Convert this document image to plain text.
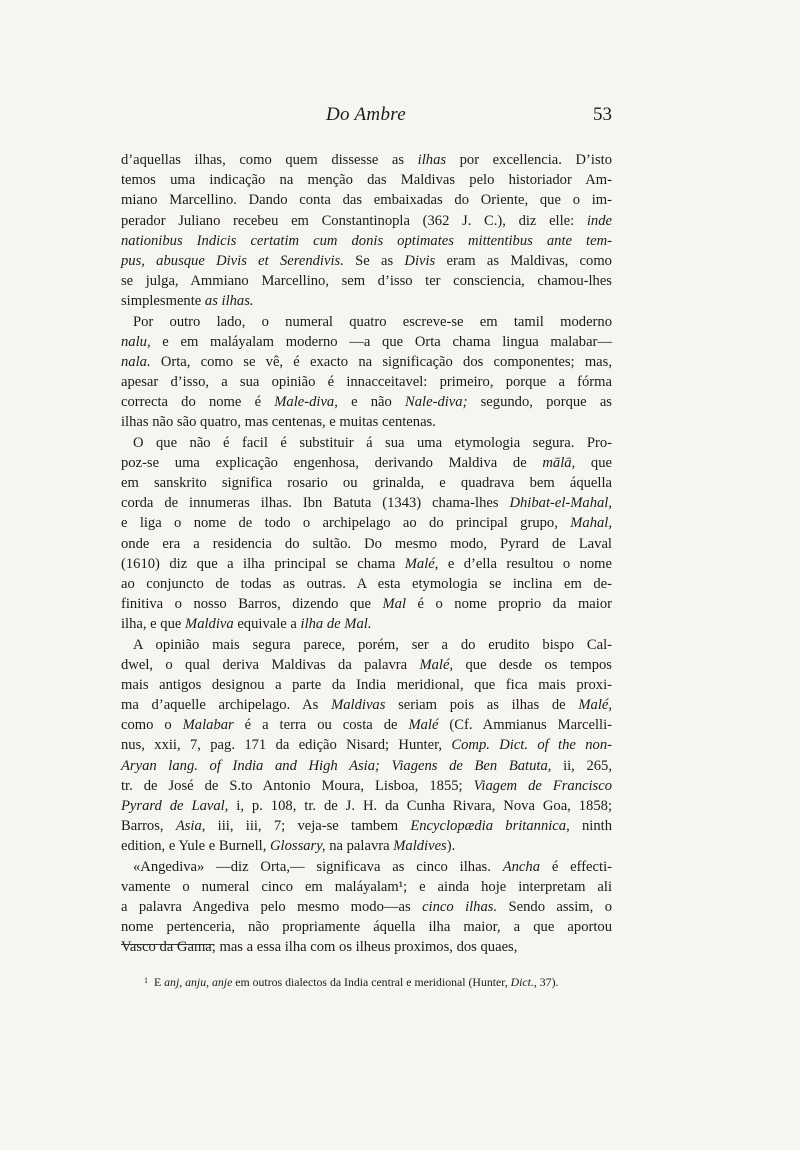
Do Ambre	53
d’aquellas ilhas, como quem dissesse as ilhas por excellencia. D’isto
temos uma indicação na menção das Maldivas pelo historiador Am-
miano Marcellino. Dando conta das embaixadas do Oriente, que o im-
perador Juliano recebeu em Constantinopla (362 J. C.), diz elle: inde
nationibus Indicis certatim cum donis optimates mittentibus ante tem-
pus, abusque Divis et Serendivis. Se as Divis eram as Maldivas, como
se julga, Ammiano Marcellino, sem d’isso ter consciencia, chamou-lhes
simplesmente as ilhas.
Por outro lado, o numeral quatro escreve-se em tamil moderno
nalu, e em maláyalam moderno —a que Orta chama lingua malabar—
nala. Orta, como se vê, é exacto na significação dos componentes; mas,
apesar d’isso, a sua opinião é innacceitavel: primeiro, porque a fórma
correcta do nome é Male-diva, e não Nale-diva; segundo, porque as
ilhas não são quatro, mas centenas, e muitas centenas.
O que não é facil é substituir á sua uma etymologia segura. Pro-
poz-se uma explicação engenhosa, derivando Maldiva de mālā, que
em sanskrito significa rosario ou grinalda, e quadrava bem áquella
corda de innumeras ilhas. Ibn Batuta (1343) chama-lhes Dhibat-el-Mahal,
e liga o nome de todo o archipelago ao do principal grupo, Mahal,
onde era a residencia do sultão. Do mesmo modo, Pyrard de Laval
(1610) diz que a ilha principal se chama Malé, e d’ella resultou o nome
ao conjuncto de todas as outras. A esta etymologia se inclina em de-
finitiva o nosso Barros, dizendo que Mal é o nome proprio da maior
ilha, e que Maldiva equivale a ilha de Mal.
A opinião mais segura parece, porém, ser a do erudito bispo Cal-
dwel, o qual deriva Maldivas da palavra Malé, que desde os tempos
mais antigos designou a parte da India meridional, que fica mais proxi-
ma d’aquelle archipelago. As Maldivas seriam pois as ilhas de Malé,
como o Malabar é a terra ou costa de Malé (Cf. Ammianus Marcelli-
nus, xxii, 7, pag. 171 da edição Nisard; Hunter, Comp. Dict. of the non-
Aryan lang. of India and High Asia; Viagens de Ben Batuta, ii, 265,
tr. de José de S.to Antonio Moura, Lisboa, 1855; Viagem de Francisco
Pyrard de Laval, i, p. 108, tr. de J. H. da Cunha Rivara, Nova Goa, 1858;
Barros, Asia, iii, iii, 7; veja-se tambem Encyclopædia britannica, ninth
edition, e Yule e Burnell, Glossary, na palavra Maldives).
«Angediva» —diz Orta,— significava as cinco ilhas. Ancha é effecti-
vamente o numeral cinco em maláyalam¹; e ainda hoje interpretam ali
a palavra Angediva pelo mesmo modo—as cinco ilhas. Sendo assim, o
nome pertenceria, não propriamente áquella ilha maior, a que aportou
Vasco da Gama; mas a essa ilha com os ilheus proximos, dos quaes,
$^1$ E anj, anju, anje em outros dialectos da India central e meridional (Hunter, Dict., 37).
